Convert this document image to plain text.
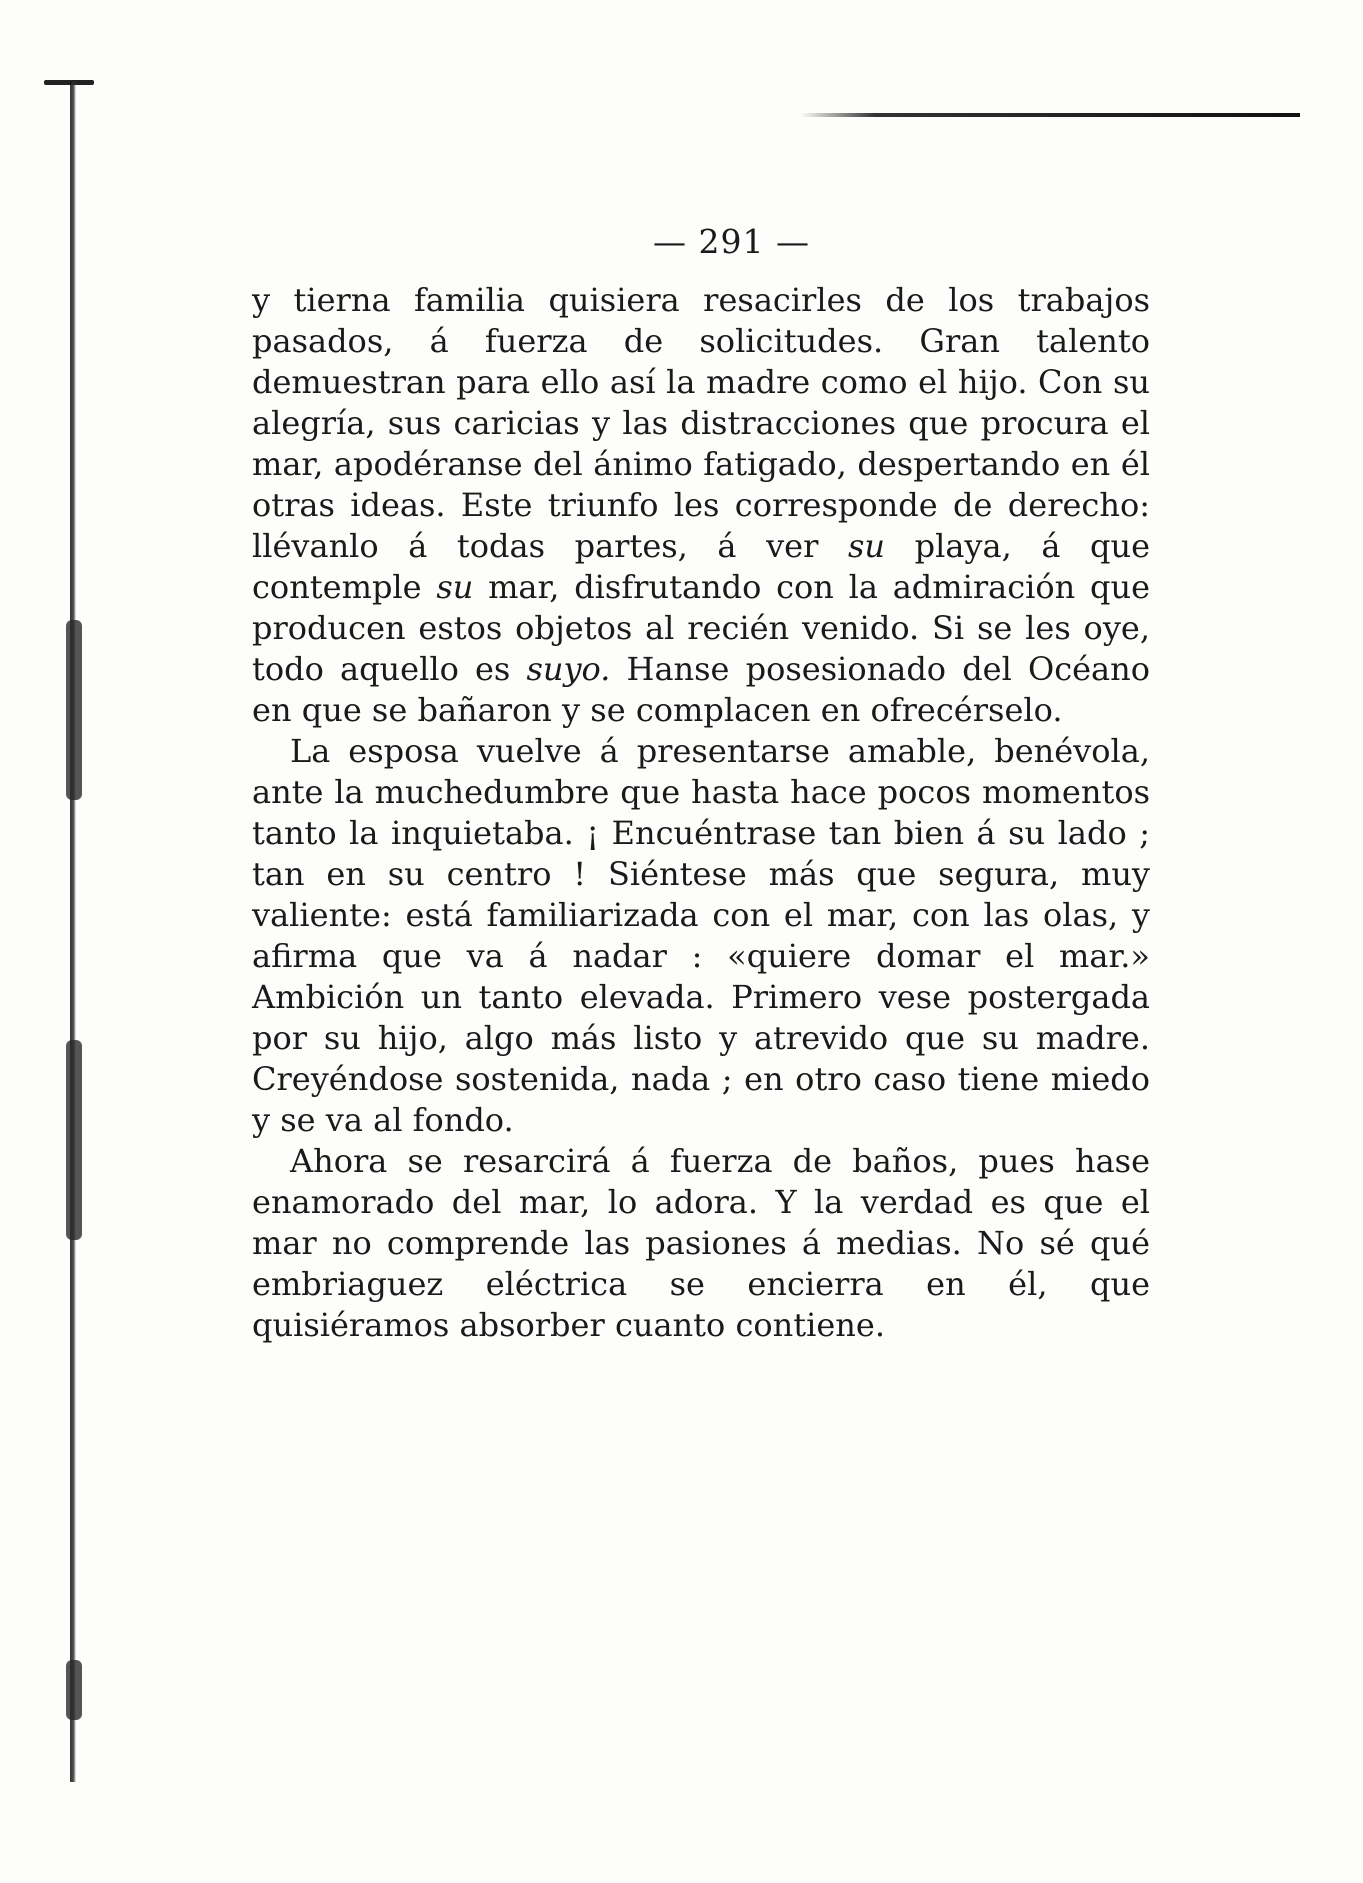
— 291 —

y tierna familia quisiera resacirles de los trabajos pasados, á fuerza de solicitudes. Gran talento demuestran para ello así la madre como el hijo. Con su alegría, sus caricias y las distracciones que procura el mar, apodéranse del ánimo fatigado, despertando en él otras ideas. Este triunfo les corresponde de derecho: llévanlo á todas partes, á ver su playa, á que contemple su mar, disfrutando con la admiración que producen estos objetos al recién venido. Si se les oye, todo aquello es suyo. Hanse posesionado del Océano en que se bañaron y se complacen en ofrecérselo.

La esposa vuelve á presentarse amable, benévola, ante la muchedumbre que hasta hace pocos momentos tanto la inquietaba. ¡ Encuéntrase tan bien á su lado ; tan en su centro ! Siéntese más que segura, muy valiente: está familiarizada con el mar, con las olas, y afirma que va á nadar : «quiere domar el mar.» Ambición un tanto elevada. Primero vese postergada por su hijo, algo más listo y atrevido que su madre. Creyéndose sostenida, nada ; en otro caso tiene miedo y se va al fondo.

Ahora se resarcirá á fuerza de baños, pues hase enamorado del mar, lo adora. Y la verdad es que el mar no comprende las pasiones á medias. No sé qué embriaguez eléctrica se encierra en él, que quisiéramos absorber cuanto contiene.
